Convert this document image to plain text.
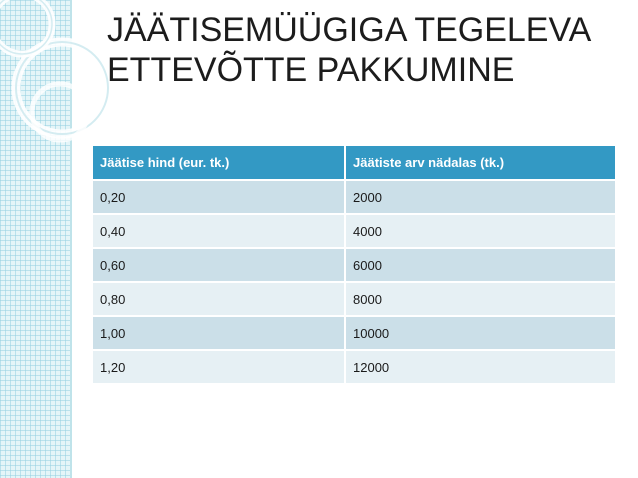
JÄÄTISEMÜÜGIGA TEGELEVA
ETTEVÕTTE PAKKUMINE
Jäätise hind (eur. tk.)	Jäätiste arv nädalas (tk.)
0,20	2000
0,40	4000
0,60	6000
0,80	8000
1,00	10000
1,20	12000
